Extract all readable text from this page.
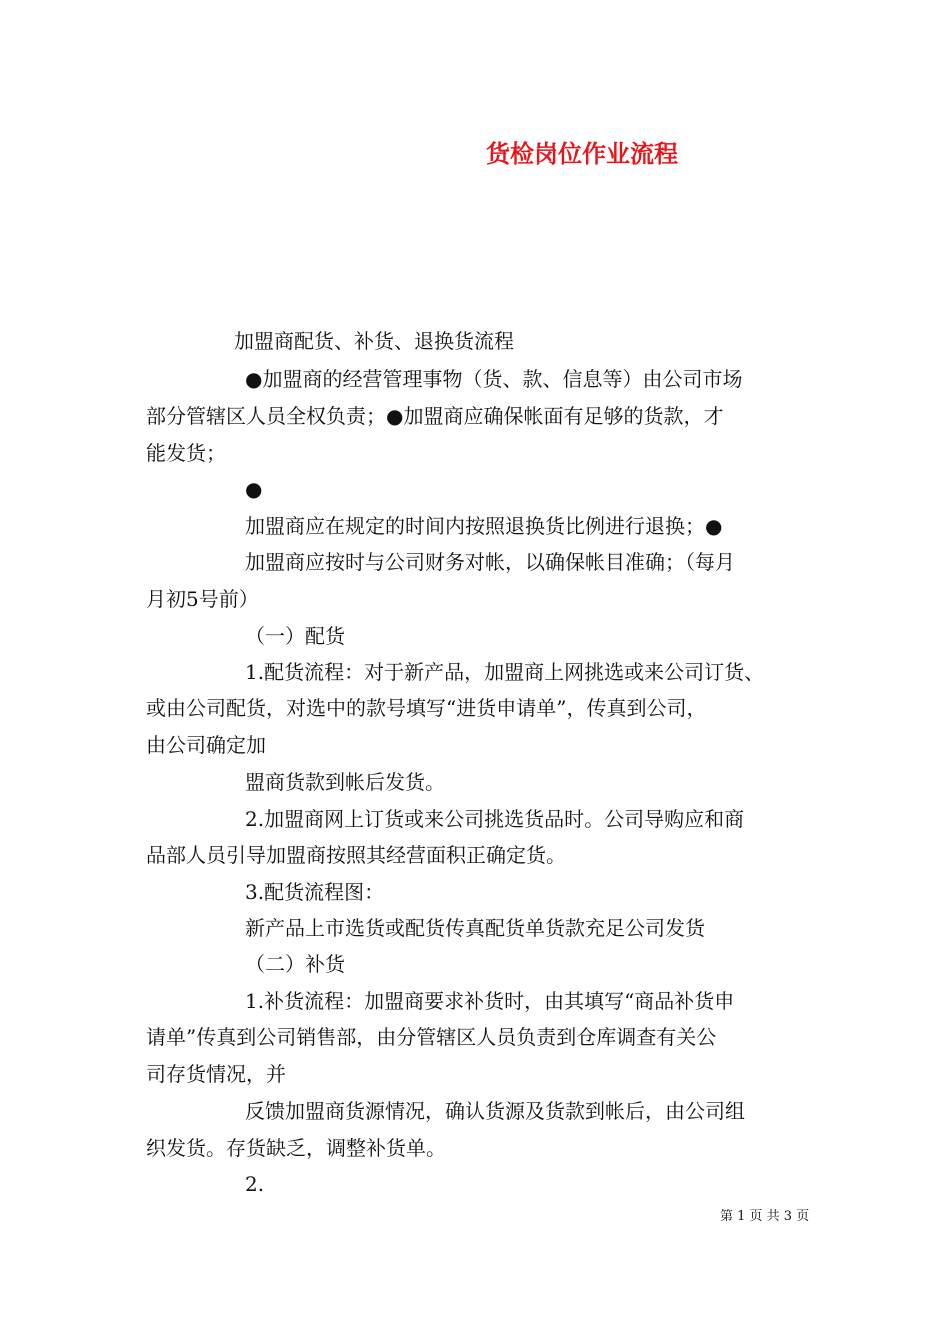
货检岗位作业流程
加盟商配货、补货、退换货流程
●加盟商的经营管理事物（货、款、信息等）由公司市场
部分管辖区人员全权负责；●加盟商应确保帐面有足够的货款，才
能发货；
●
加盟商应在规定的时间内按照退换货比例进行退换；●
加盟商应按时与公司财务对帐，以确保帐目准确；（每月
月初5号前）
（一）配货
1.配货流程：对于新产品，加盟商上网挑选或来公司订货、
或由公司配货，对选中的款号填写“进货申请单”，传真到公司，
由公司确定加
盟商货款到帐后发货。
2.加盟商网上订货或来公司挑选货品时。公司导购应和商
品部人员引导加盟商按照其经营面积正确定货。
3.配货流程图：
新产品上市选货或配货传真配货单货款充足公司发货
（二）补货
1.补货流程：加盟商要求补货时，由其填写“商品补货申
请单”传真到公司销售部，由分管辖区人员负责到仓库调查有关公
司存货情况，并
反馈加盟商货源情况，确认货源及货款到帐后，由公司组
织发货。存货缺乏，调整补货单。
2.
第 1 页 共 3 页
